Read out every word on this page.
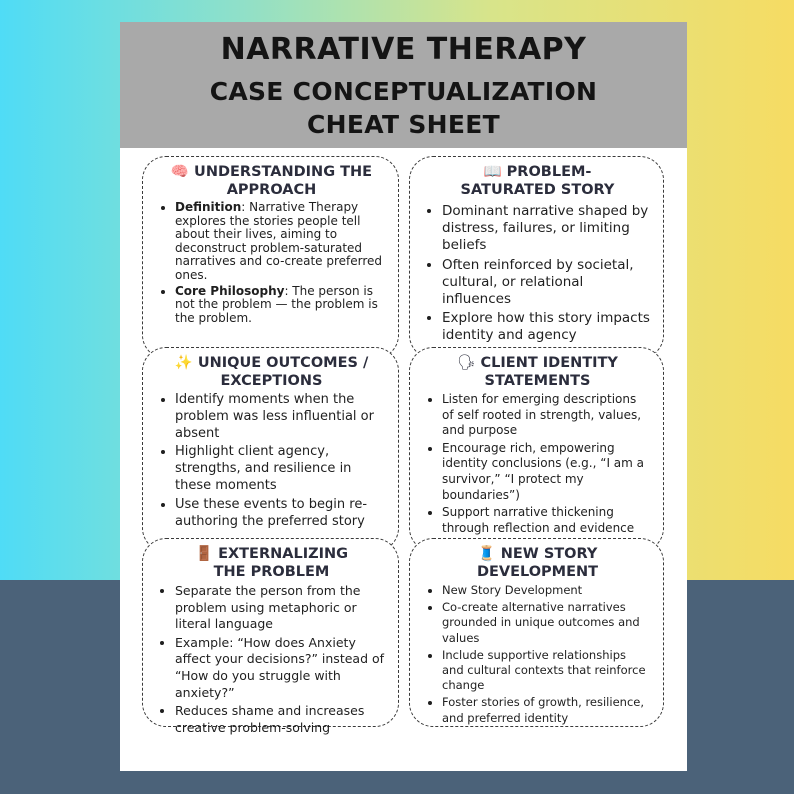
NARRATIVE THERAPY
CASE CONCEPTUALIZATION
CHEAT SHEET
🧠 UNDERSTANDING THE APPROACH
• Definition: Narrative Therapy explores the stories people tell about their lives, aiming to deconstruct problem-saturated narratives and co-create preferred ones.
• Core Philosophy: The person is not the problem — the problem is the problem.
📖 PROBLEM-SATURATED STORY
• Dominant narrative shaped by distress, failures, or limiting beliefs
• Often reinforced by societal, cultural, or relational influences
• Explore how this story impacts identity and agency
✨ UNIQUE OUTCOMES / EXCEPTIONS
• Identify moments when the problem was less influential or absent
• Highlight client agency, strengths, and resilience in these moments
• Use these events to begin re-authoring the preferred story
🗣 CLIENT IDENTITY STATEMENTS
• Listen for emerging descriptions of self rooted in strength, values, and purpose
• Encourage rich, empowering identity conclusions (e.g., “I am a survivor,” “I protect my boundaries”)
• Support narrative thickening through reflection and evidence
🚪 EXTERNALIZING THE PROBLEM
• Separate the person from the problem using metaphoric or literal language
• Example: “How does Anxiety affect your decisions?” instead of “How do you struggle with anxiety?”
• Reduces shame and increases creative problem-solving
🧵 NEW STORY DEVELOPMENT
• New Story Development
• Co-create alternative narratives grounded in unique outcomes and values
• Include supportive relationships and cultural contexts that reinforce change
• Foster stories of growth, resilience, and preferred identity
